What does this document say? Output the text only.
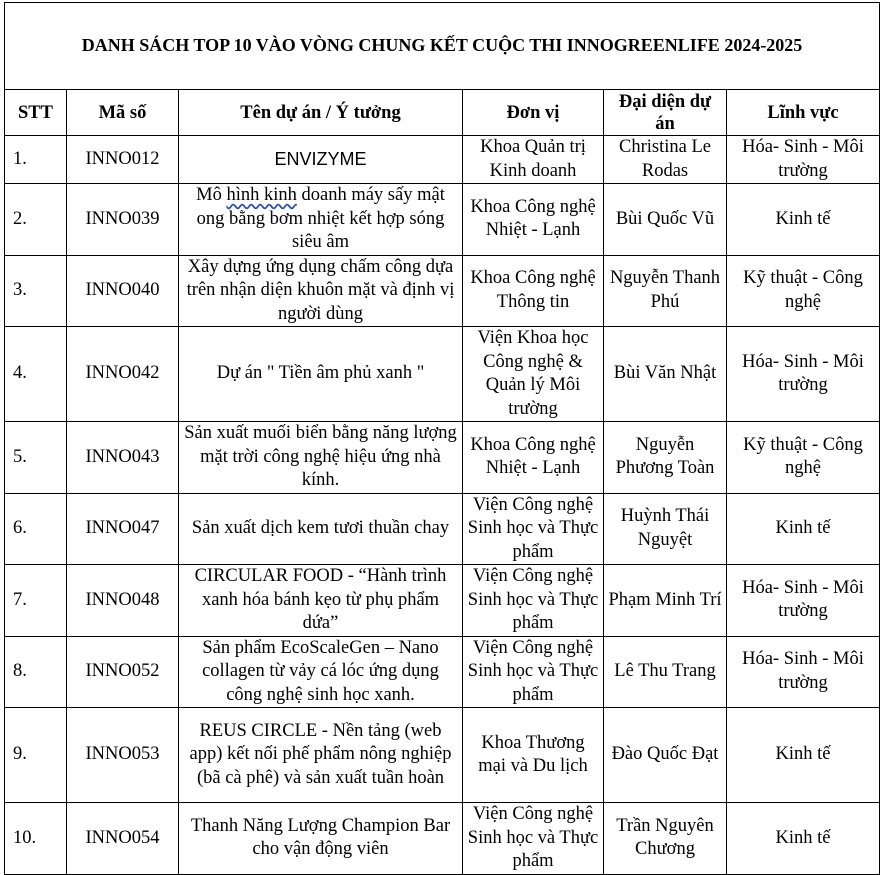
DANH SÁCH TOP 10 VÀO VÒNG CHUNG KẾT CUỘC THI INNOGREENLIFE 2024-2025					
STT	Mã số	Tên dự án / Ý tưởng	Đơn vị	Đại diện dự án	Lĩnh vực
1.	INNO012	ENVIZYME	Khoa Quản trị Kinh doanh	Christina Le Rodas	Hóa- Sinh - Môi trường
2.	INNO039	Mô hình kinh doanh máy sấy mật ong bằng bơm nhiệt kết hợp sóng siêu âm	Khoa Công nghệ Nhiệt - Lạnh	Bùi Quốc Vũ	Kinh tế
3.	INNO040	Xây dựng ứng dụng chấm công dựa trên nhận diện khuôn mặt và định vị người dùng	Khoa Công nghệ Thông tin	Nguyễn Thanh Phú	Kỹ thuật - Công nghệ
4.	INNO042	Dự án " Tiền âm phủ xanh "	Viện Khoa học Công nghệ & Quản lý Môi trường	Bùi Văn Nhật	Hóa- Sinh - Môi trường
5.	INNO043	Sản xuất muối biển bằng năng lượng mặt trời công nghệ hiệu ứng nhà kính.	Khoa Công nghệ Nhiệt - Lạnh	Nguyễn Phương Toàn	Kỹ thuật - Công nghệ
6.	INNO047	Sản xuất dịch kem tươi thuần chay	Viện Công nghệ Sinh học và Thực phẩm	Huỳnh Thái Nguyệt	Kinh tế
7.	INNO048	CIRCULAR FOOD - “Hành trình xanh hóa bánh kẹo từ phụ phẩm dứa”	Viện Công nghệ Sinh học và Thực phẩm	Phạm Minh Trí	Hóa- Sinh - Môi trường
8.	INNO052	Sản phẩm EcoScaleGen – Nano collagen từ vảy cá lóc ứng dụng công nghệ sinh học xanh.	Viện Công nghệ Sinh học và Thực phẩm	Lê Thu Trang	Hóa- Sinh - Môi trường
9.	INNO053	REUS CIRCLE - Nền tảng (web app) kết nối phế phẩm nông nghiệp (bã cà phê) và sản xuất tuần hoàn	Khoa Thương mại và Du lịch	Đào Quốc Đạt	Kinh tế
10.	INNO054	Thanh Năng Lượng Champion Bar cho vận động viên	Viện Công nghệ Sinh học và Thực phẩm	Trần Nguyên Chương	Kinh tế
